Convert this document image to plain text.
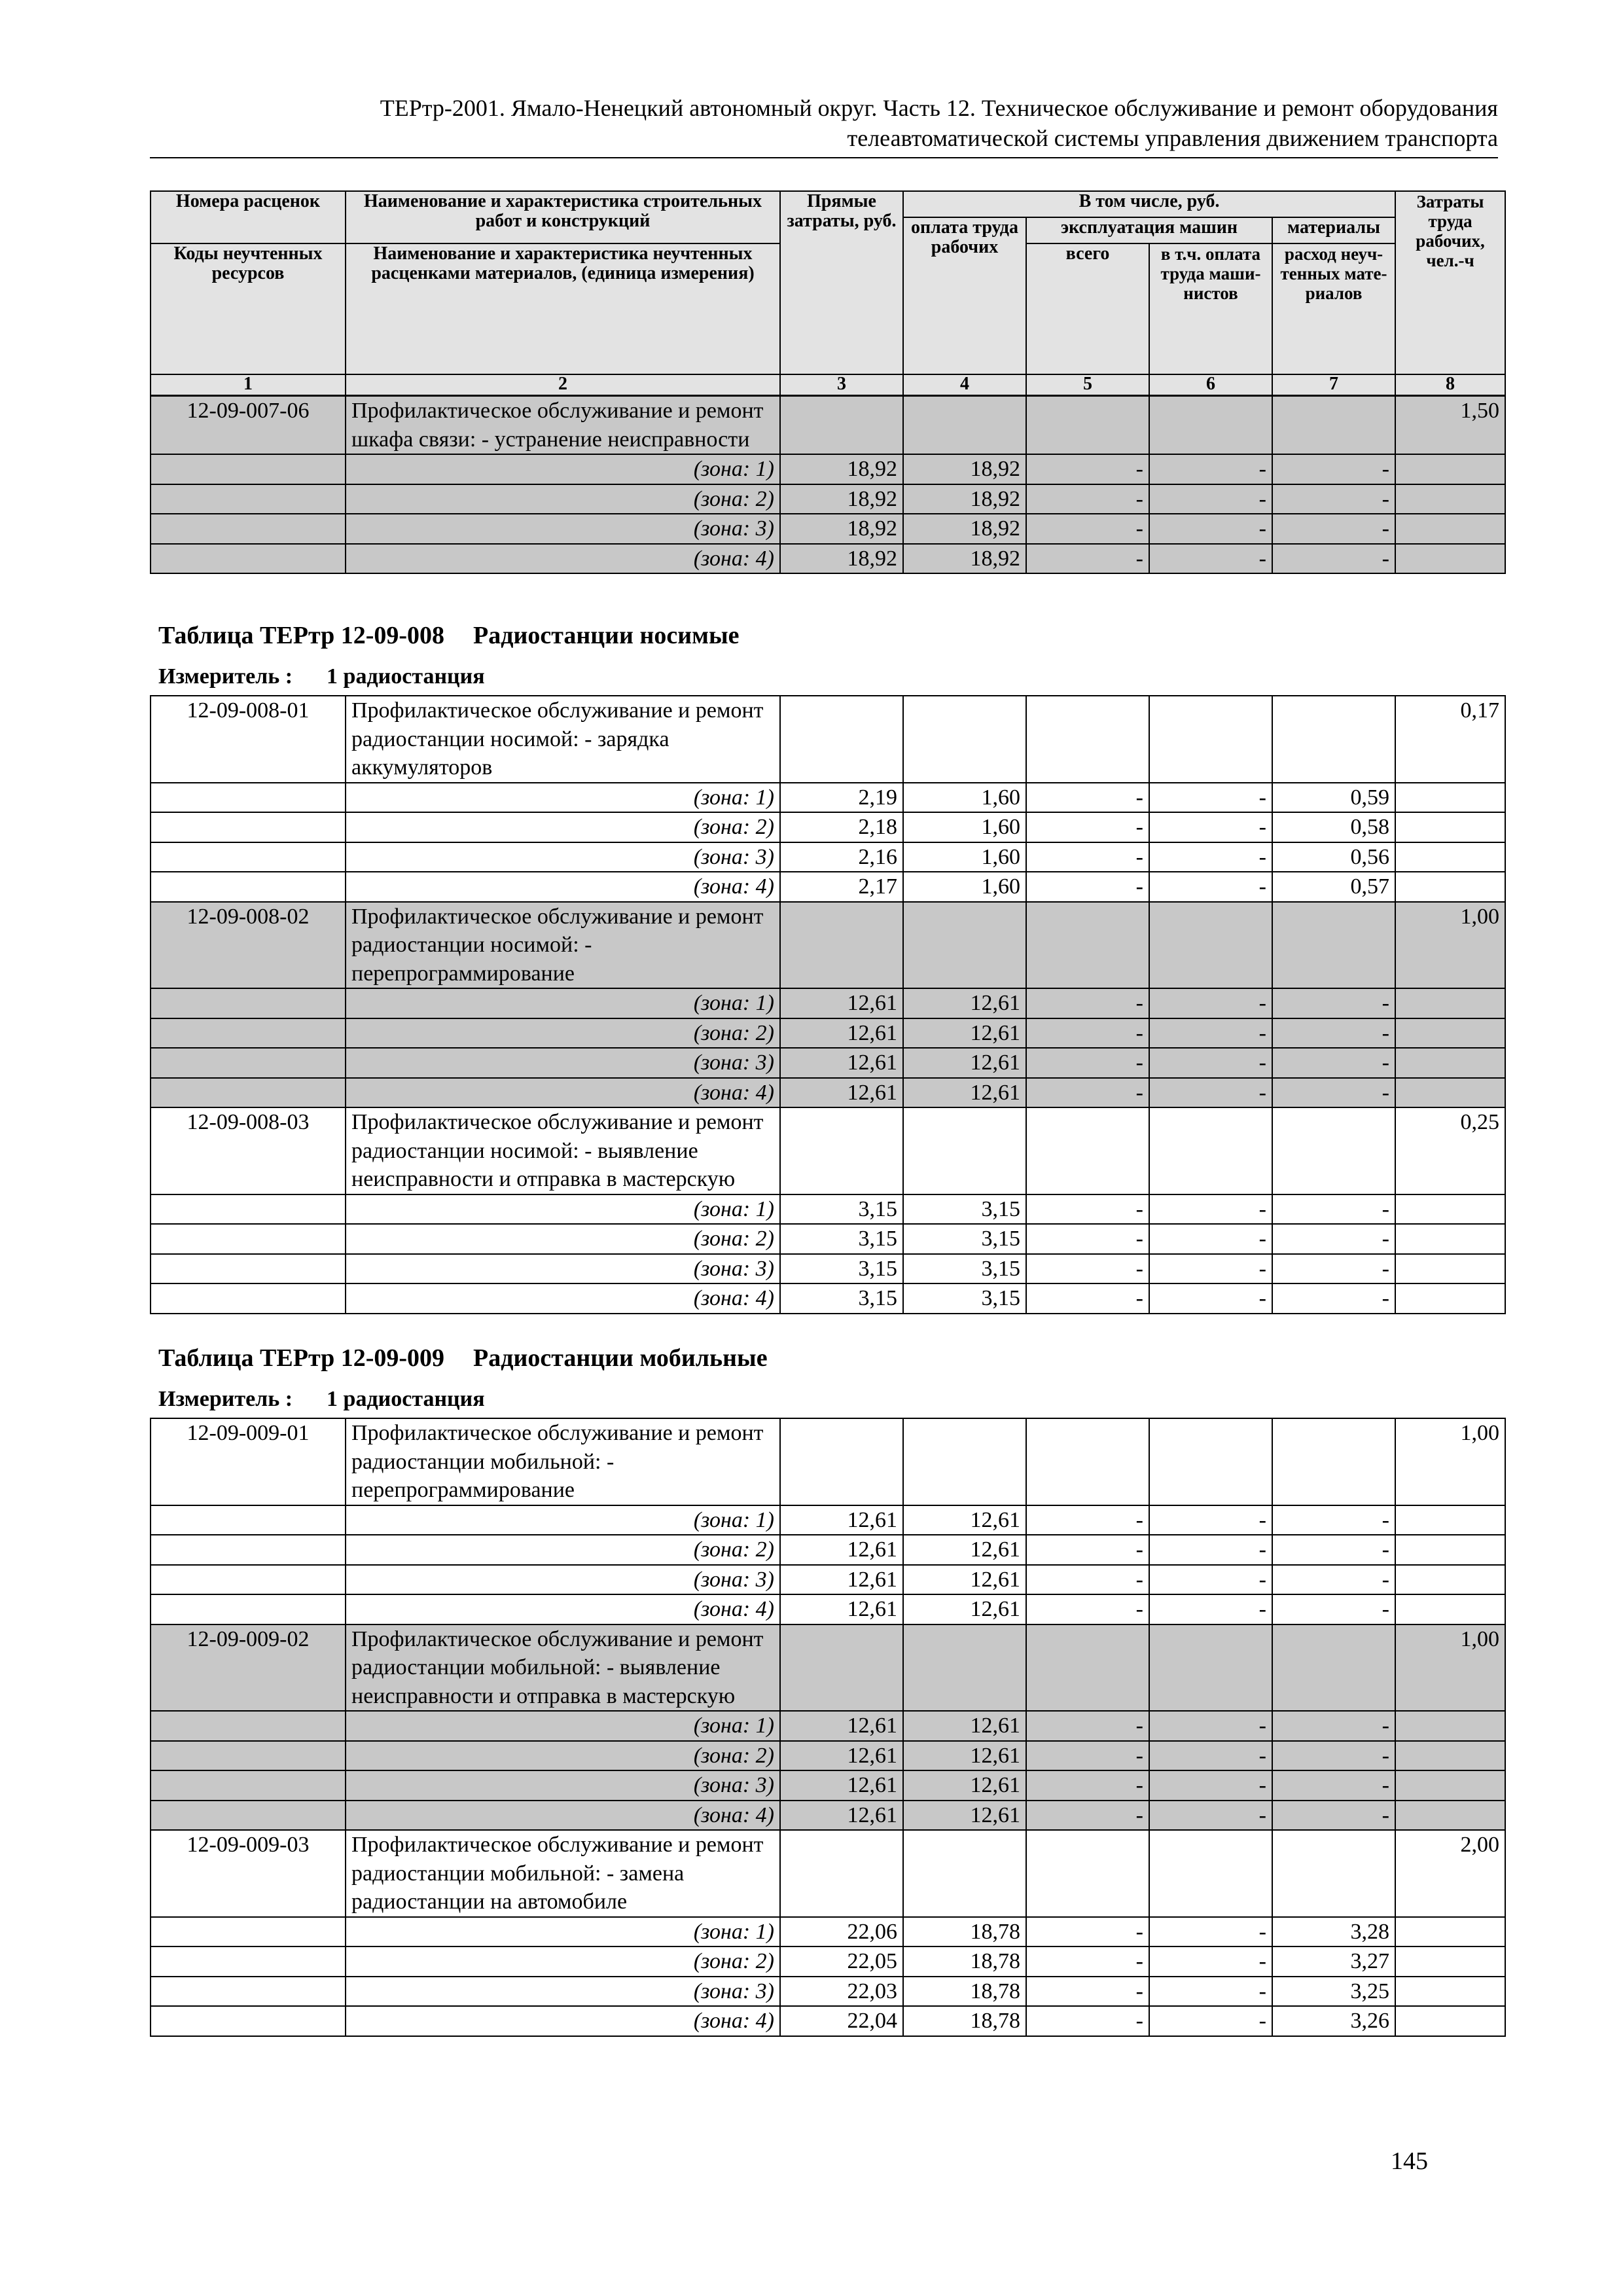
ТЕРтр-2001. Ямало-Ненецкий автономный округ. Часть 12. Техническое обслуживание и ремонт оборудования
телеавтоматической системы управления движением транспорта
Номера расценок	Наименование и характеристика строительных работ и конструкций	Прямые затраты, руб.	В том числе, руб.				Затраты труда рабочих, чел.-ч
			оплата труда рабочих	эксплуатация машин		материалы	
Коды неучтенных ресурсов	Наименование и характеристика неучтенных расценками материалов, (единица измерения)			всего	в т.ч. оплата труда маши-нистов	расход неуч-тенных мате-риалов	

1	2	3	4	5	6	7	8
12-09-007-06	Профилактическое обслуживание и ремонт шкафа связи: - устранение неисправности						1,50
	(зона: 1)	18,92	18,92	-	-	-	
	(зона: 2)	18,92	18,92	-	-	-	
	(зона: 3)	18,92	18,92	-	-	-	
	(зона: 4)	18,92	18,92	-	-	-	
Таблица ТЕРтр 12-09-008 Радиостанции носимые
Измеритель : 1 радиостанция
12-09-008-01	Профилактическое обслуживание и ремонт радиостанции носимой: - зарядка аккумуляторов						0,17
	(зона: 1)	2,19	1,60	-	-	0,59	
	(зона: 2)	2,18	1,60	-	-	0,58	
	(зона: 3)	2,16	1,60	-	-	0,56	
	(зона: 4)	2,17	1,60	-	-	0,57	
12-09-008-02	Профилактическое обслуживание и ремонт радиостанции носимой: - перепрограммирование						1,00
	(зона: 1)	12,61	12,61	-	-	-	
	(зона: 2)	12,61	12,61	-	-	-	
	(зона: 3)	12,61	12,61	-	-	-	
	(зона: 4)	12,61	12,61	-	-	-	
12-09-008-03	Профилактическое обслуживание и ремонт радиостанции носимой: - выявление неисправности и отправка в мастерскую						0,25
	(зона: 1)	3,15	3,15	-	-	-	
	(зона: 2)	3,15	3,15	-	-	-	
	(зона: 3)	3,15	3,15	-	-	-	
	(зона: 4)	3,15	3,15	-	-	-	
Таблица ТЕРтр 12-09-009 Радиостанции мобильные
Измеритель : 1 радиостанция
12-09-009-01	Профилактическое обслуживание и ремонт радиостанции мобильной: - перепрограммирование						1,00
	(зона: 1)	12,61	12,61	-	-	-	
	(зона: 2)	12,61	12,61	-	-	-	
	(зона: 3)	12,61	12,61	-	-	-	
	(зона: 4)	12,61	12,61	-	-	-	
12-09-009-02	Профилактическое обслуживание и ремонт радиостанции мобильной: - выявление неисправности и отправка в мастерскую						1,00
	(зона: 1)	12,61	12,61	-	-	-	
	(зона: 2)	12,61	12,61	-	-	-	
	(зона: 3)	12,61	12,61	-	-	-	
	(зона: 4)	12,61	12,61	-	-	-	
12-09-009-03	Профилактическое обслуживание и ремонт радиостанции мобильной: - замена радиостанции на автомобиле						2,00
	(зона: 1)	22,06	18,78	-	-	3,28	
	(зона: 2)	22,05	18,78	-	-	3,27	
	(зона: 3)	22,03	18,78	-	-	3,25	
	(зона: 4)	22,04	18,78	-	-	3,26	
145
